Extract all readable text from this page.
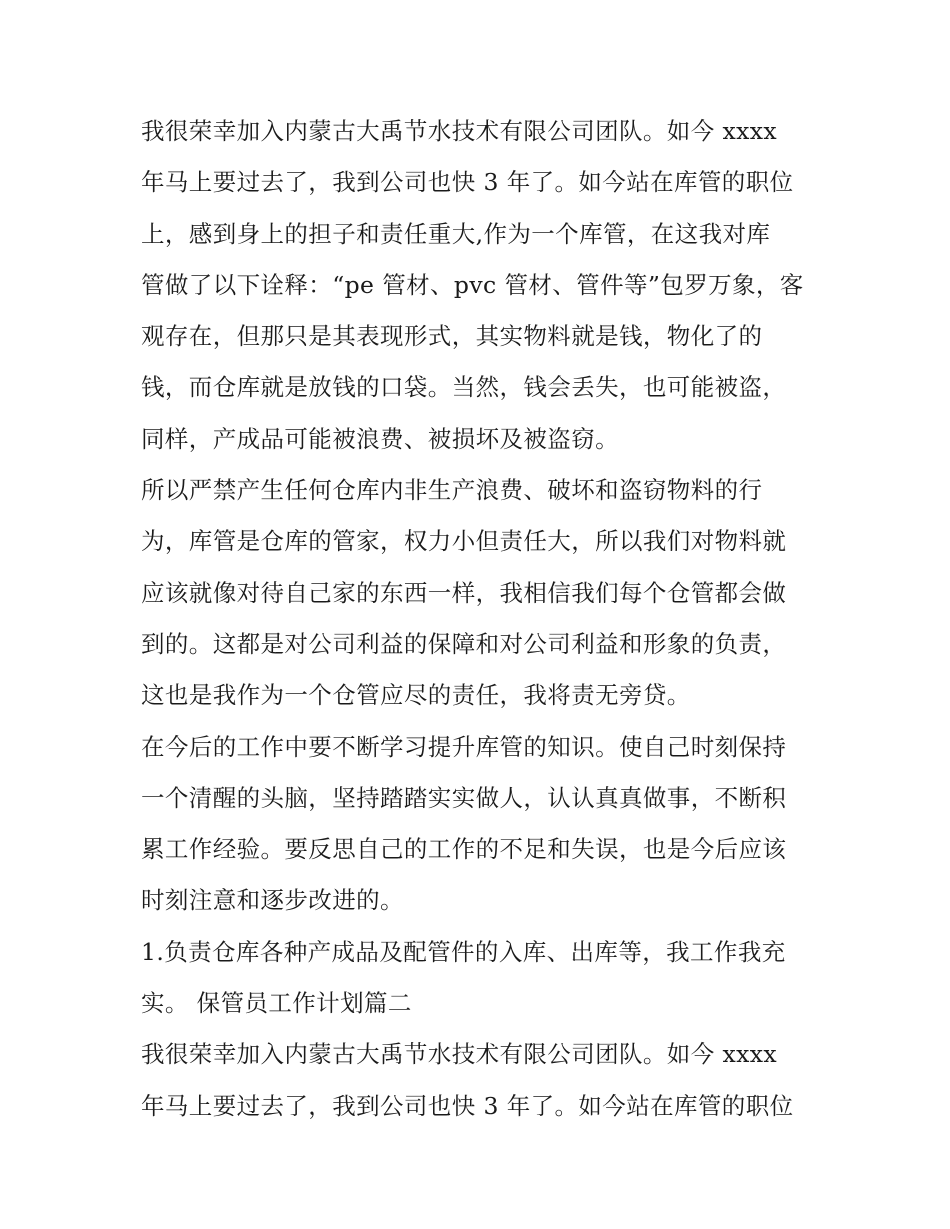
我很荣幸加入内蒙古大禹节水技术有限公司团队。如今 xxxx
年马上要过去了，我到公司也快 3 年了。如今站在库管的职位
上，感到身上的担子和责任重大,作为一个库管，在这我对库
管做了以下诠释：“pe 管材、pvc 管材、管件等”包罗万象，客
观存在，但那只是其表现形式，其实物料就是钱，物化了的
钱，而仓库就是放钱的口袋。当然，钱会丢失，也可能被盗，
同样，产成品可能被浪费、被损坏及被盗窃。
所以严禁产生任何仓库内非生产浪费、破坏和盗窃物料的行
为，库管是仓库的管家，权力小但责任大，所以我们对物料就
应该就像对待自己家的东西一样，我相信我们每个仓管都会做
到的。这都是对公司利益的保障和对公司利益和形象的负责，
这也是我作为一个仓管应尽的责任，我将责无旁贷。
在今后的工作中要不断学习提升库管的知识。使自己时刻保持
一个清醒的头脑，坚持踏踏实实做人，认认真真做事，不断积
累工作经验。要反思自己的工作的不足和失误，也是今后应该
时刻注意和逐步改进的。
1.负责仓库各种产成品及配管件的入库、出库等，我工作我充
实。 保管员工作计划篇二
我很荣幸加入内蒙古大禹节水技术有限公司团队。如今 xxxx
年马上要过去了，我到公司也快 3 年了。如今站在库管的职位
